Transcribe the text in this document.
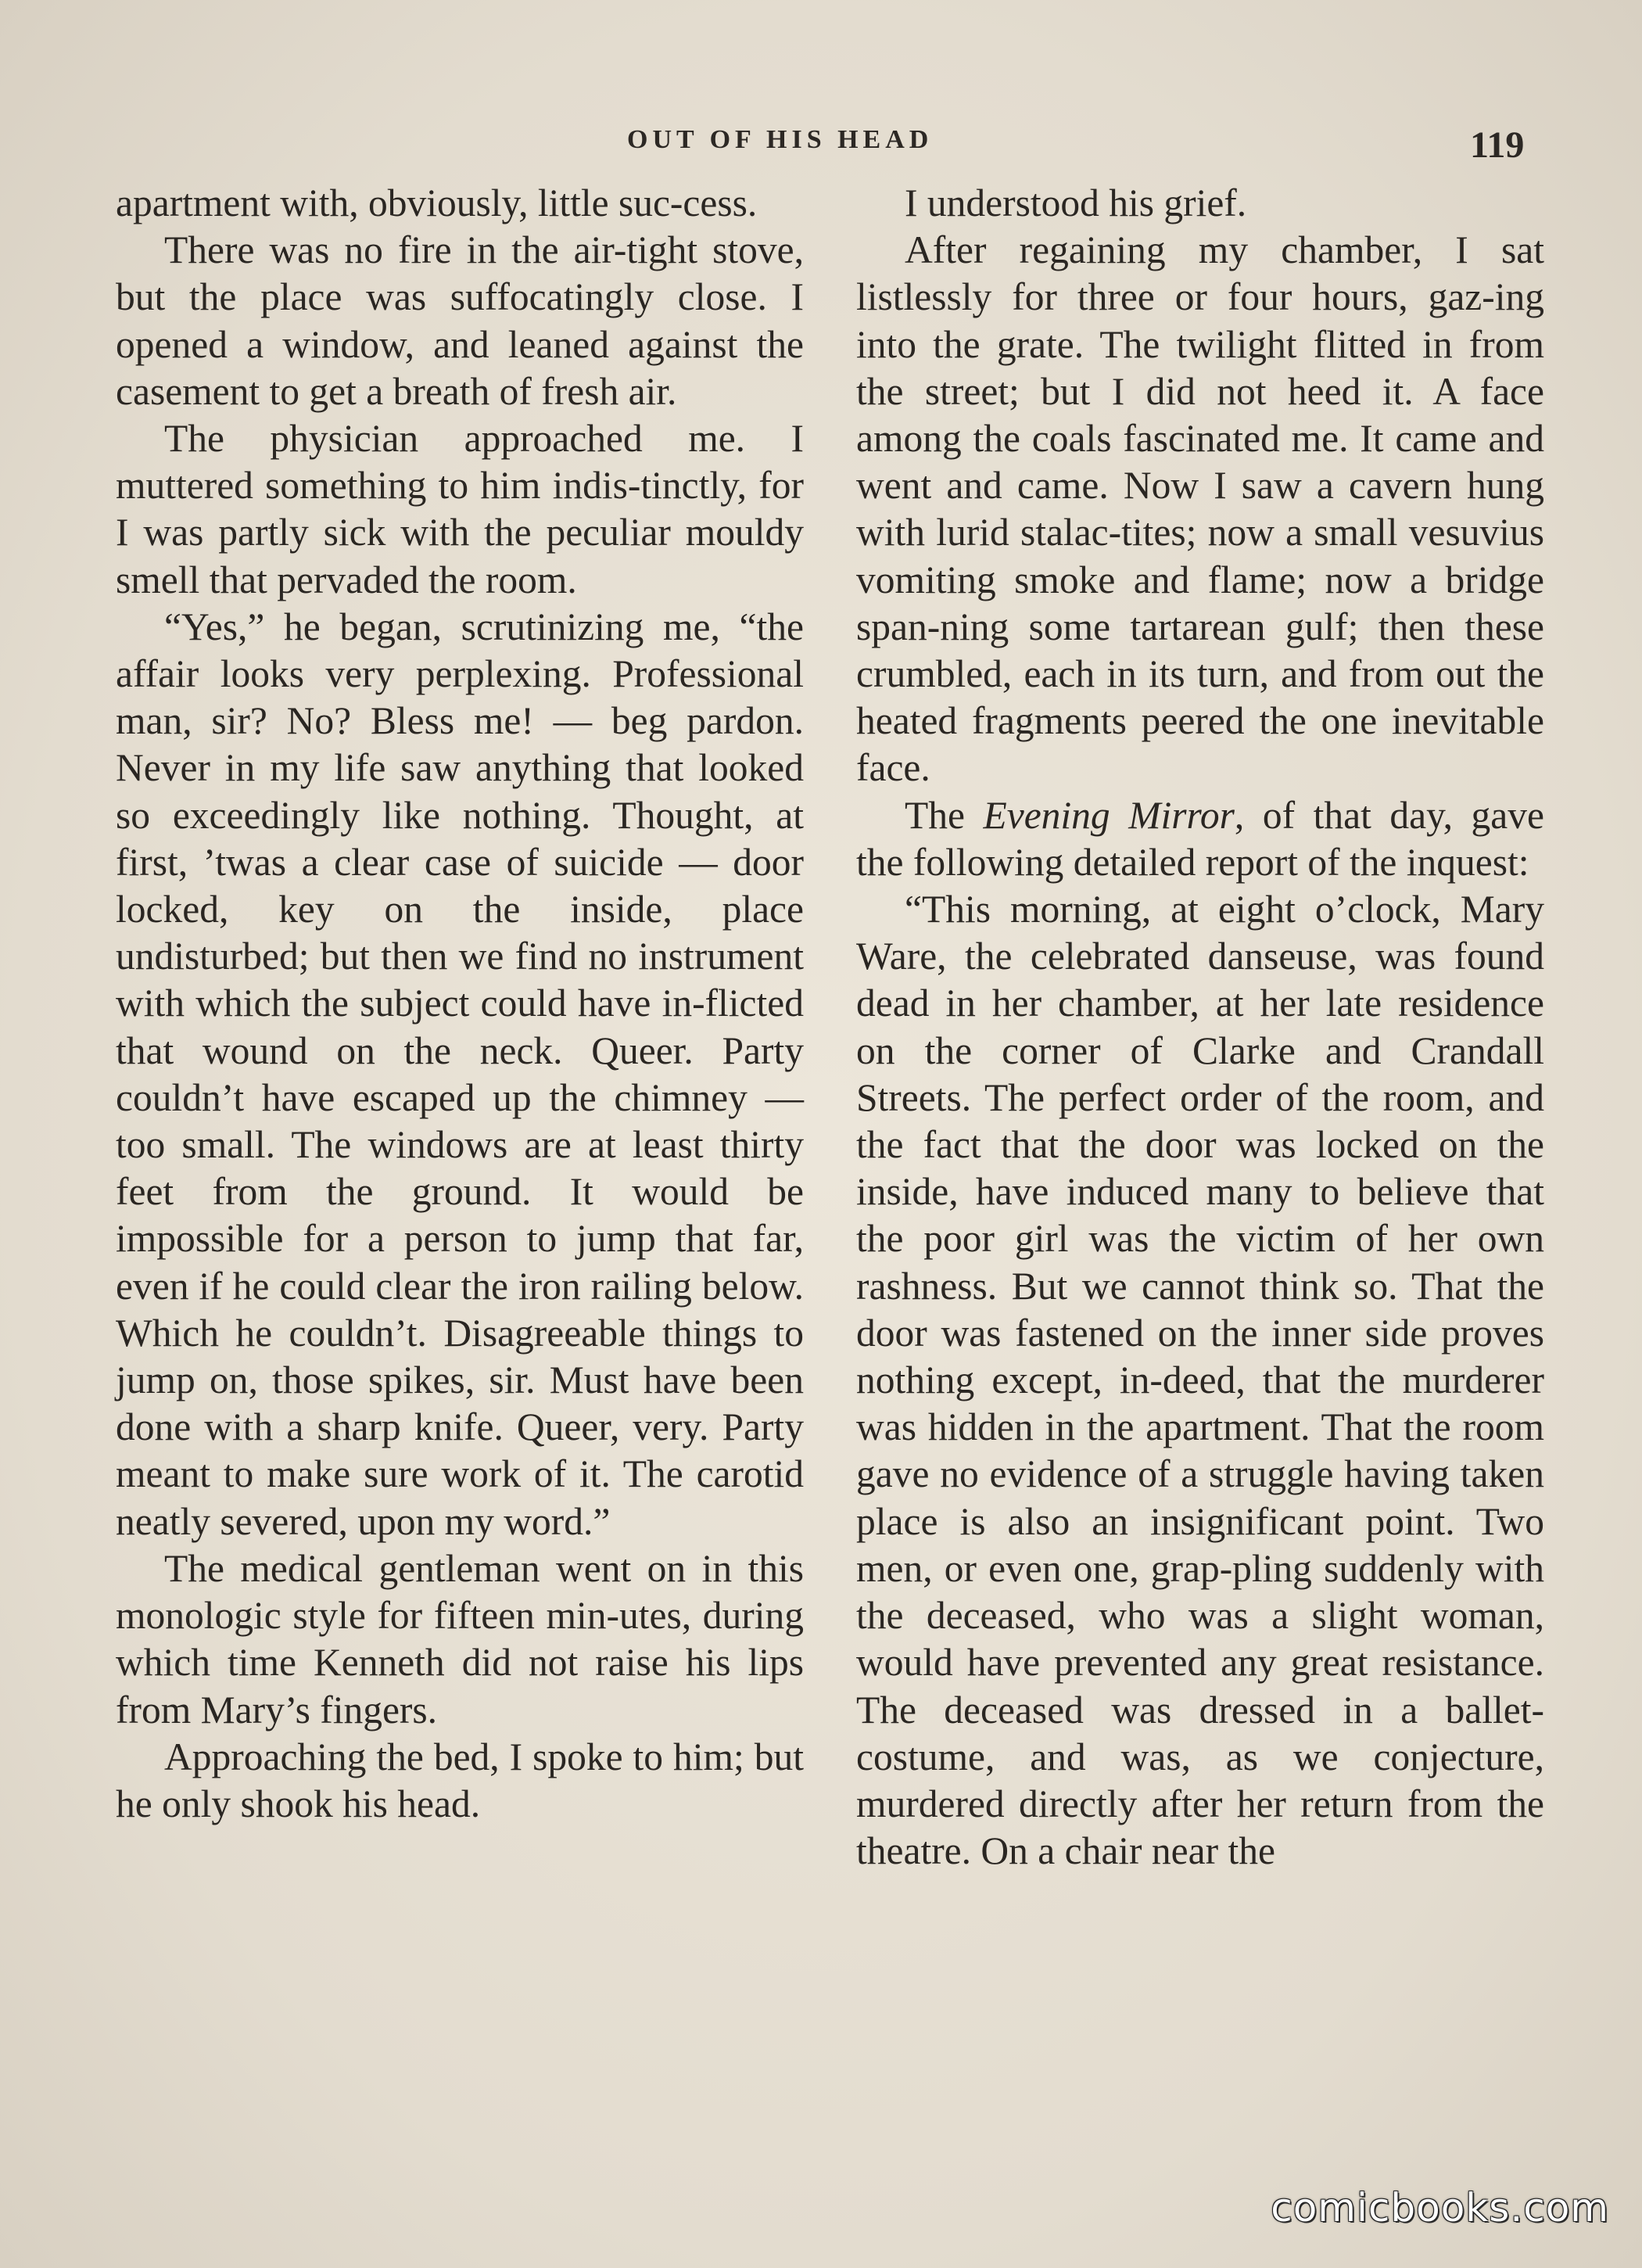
OUT OF HIS HEAD	119

apartment with, obviously, little suc-cess.

There was no fire in the air-tight stove, but the place was suffocatingly close. I opened a window, and leaned against the casement to get a breath of fresh air.

The physician approached me. I muttered something to him indis-tinctly, for I was partly sick with the peculiar mouldy smell that pervaded the room.

“Yes,” he began, scrutinizing me, “the affair looks very perplexing. Professional man, sir? No? Bless me! — beg pardon. Never in my life saw anything that looked so exceedingly like nothing. Thought, at first, ’twas a clear case of suicide — door locked, key on the inside, place undisturbed; but then we find no instrument with which the subject could have in-flicted that wound on the neck. Queer. Party couldn’t have escaped up the chimney — too small. The windows are at least thirty feet from the ground. It would be impossible for a person to jump that far, even if he could clear the iron railing below. Which he couldn’t. Disagreeable things to jump on, those spikes, sir. Must have been done with a sharp knife. Queer, very. Party meant to make sure work of it. The carotid neatly severed, upon my word.”

The medical gentleman went on in this monologic style for fifteen min-utes, during which time Kenneth did not raise his lips from Mary’s fingers.

Approaching the bed, I spoke to him; but he only shook his head.

I understood his grief.

After regaining my chamber, I sat listlessly for three or four hours, gaz-ing into the grate. The twilight flitted in from the street; but I did not heed it. A face among the coals fascinated me. It came and went and came. Now I saw a cavern hung with lurid stalac-tites; now a small vesuvius vomiting smoke and flame; now a bridge span-ning some tartarean gulf; then these crumbled, each in its turn, and from out the heated fragments peered the one inevitable face.

The Evening Mirror, of that day, gave the following detailed report of the inquest:

“This morning, at eight o’clock, Mary Ware, the celebrated danseuse, was found dead in her chamber, at her late residence on the corner of Clarke and Crandall Streets. The perfect order of the room, and the fact that the door was locked on the inside, have induced many to believe that the poor girl was the victim of her own rashness. But we cannot think so. That the door was fastened on the inner side proves nothing except, in-deed, that the murderer was hidden in the apartment. That the room gave no evidence of a struggle having taken place is also an insignificant point. Two men, or even one, grap-pling suddenly with the deceased, who was a slight woman, would have prevented any great resistance. The deceased was dressed in a ballet-costume, and was, as we conjecture, murdered directly after her return from the theatre. On a chair near the

comicbooks.com
